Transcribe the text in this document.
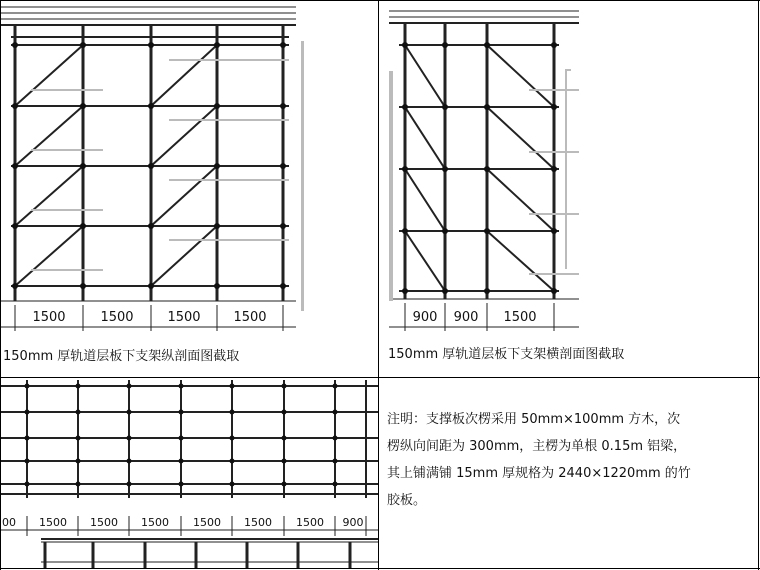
1500	1500	1500	1500
150mm 厚轨道层板下支架纵剖面图截取
900 900 1500
150mm 厚轨道层板下支架横剖面图截取
00 1500 1500 1500 1500 1500 1500 900
注明：支撑板次楞采用 50mm×100mm 方木，次
楞纵向间距为 300mm，主楞为单根 0.15m 铝梁，
其上铺满铺 15mm 厚规格为 2440×1220mm 的竹
胶板。
